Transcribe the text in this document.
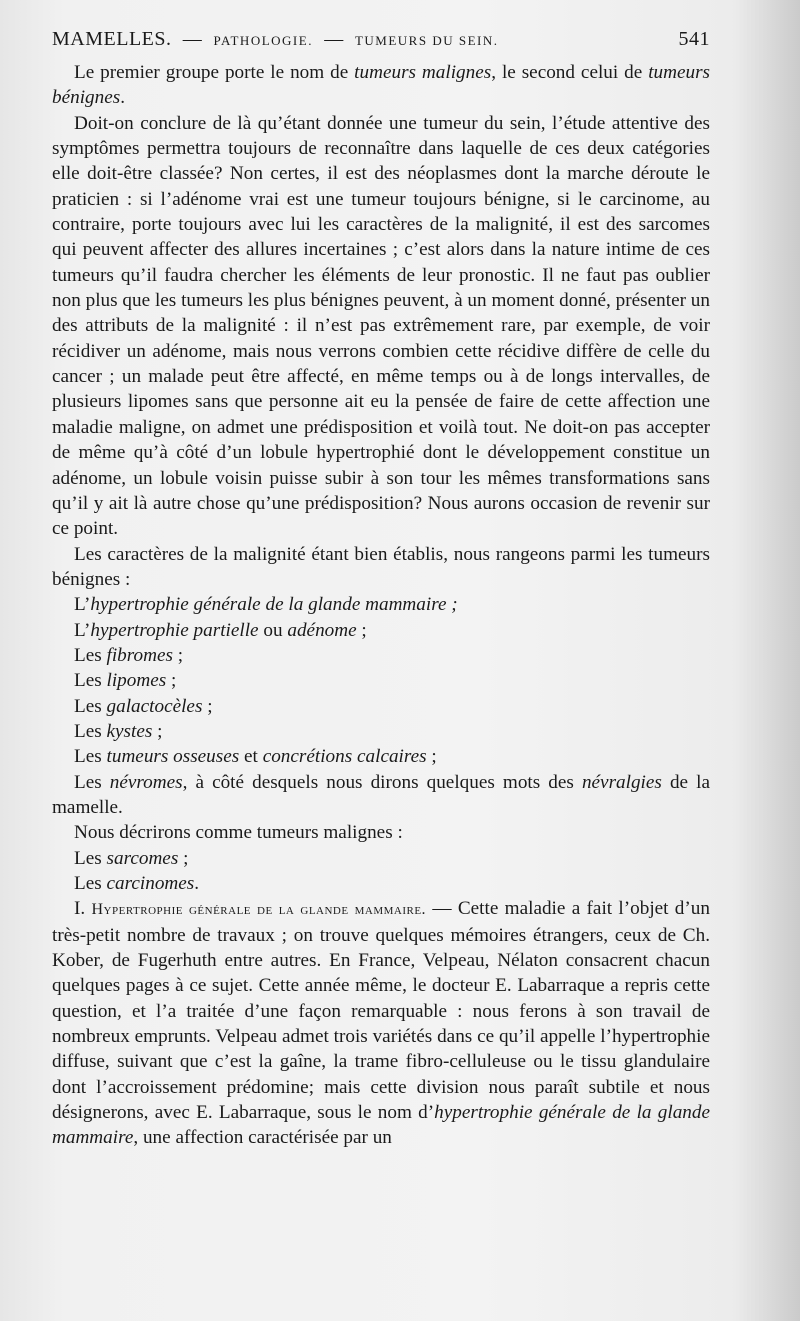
MAMELLES. — PATHOLOGIE. — TUMEURS DU SEIN.	541

Le premier groupe porte le nom de tumeurs malignes, le second celui de tumeurs bénignes.

Doit-on conclure de là qu’étant donnée une tumeur du sein, l’étude attentive des symptômes permettra toujours de reconnaître dans laquelle de ces deux catégories elle doit-être classée? Non certes, il est des néoplasmes dont la marche déroute le praticien : si l’adénome vrai est une tumeur toujours bénigne, si le carcinome, au contraire, porte toujours avec lui les caractères de la malignité, il est des sarcomes qui peuvent affecter des allures incertaines ; c’est alors dans la nature intime de ces tumeurs qu’il faudra chercher les éléments de leur pronostic. Il ne faut pas oublier non plus que les tumeurs les plus bénignes peuvent, à un moment donné, présenter un des attributs de la malignité : il n’est pas extrêmement rare, par exemple, de voir récidiver un adénome, mais nous verrons combien cette récidive diffère de celle du cancer ; un malade peut être affecté, en même temps ou à de longs intervalles, de plusieurs lipomes sans que personne ait eu la pensée de faire de cette affection une maladie maligne, on admet une prédisposition et voilà tout. Ne doit-on pas accepter de même qu’à côté d’un lobule hypertrophié dont le développement constitue un adénome, un lobule voisin puisse subir à son tour les mêmes transformations sans qu’il y ait là autre chose qu’une prédisposition? Nous aurons occasion de revenir sur ce point.

Les caractères de la malignité étant bien établis, nous rangeons parmi les tumeurs bénignes :

L’hypertrophie générale de la glande mammaire ;
L’hypertrophie partielle ou adénome ;
Les fibromes ;
Les lipomes ;
Les galactocèles ;
Les kystes ;
Les tumeurs osseuses et concrétions calcaires ;

Les névromes, à côté desquels nous dirons quelques mots des névralgies de la mamelle.

Nous décrirons comme tumeurs malignes :

Les sarcomes ;
Les carcinomes.

I. Hypertrophie générale de la glande mammaire. — Cette maladie a fait l’objet d’un très-petit nombre de travaux ; on trouve quelques mémoires étrangers, ceux de Ch. Kober, de Fugerhuth entre autres. En France, Velpeau, Nélaton consacrent chacun quelques pages à ce sujet. Cette année même, le docteur E. Labarraque a repris cette question, et l’a traitée d’une façon remarquable : nous ferons à son travail de nombreux emprunts. Velpeau admet trois variétés dans ce qu’il appelle l’hypertrophie diffuse, suivant que c’est la gaîne, la trame fibro-celluleuse ou le tissu glandulaire dont l’accroissement prédomine; mais cette division nous paraît subtile et nous désignerons, avec E. Labarraque, sous le nom d’hypertrophie générale de la glande mammaire, une affection caractérisée par un
